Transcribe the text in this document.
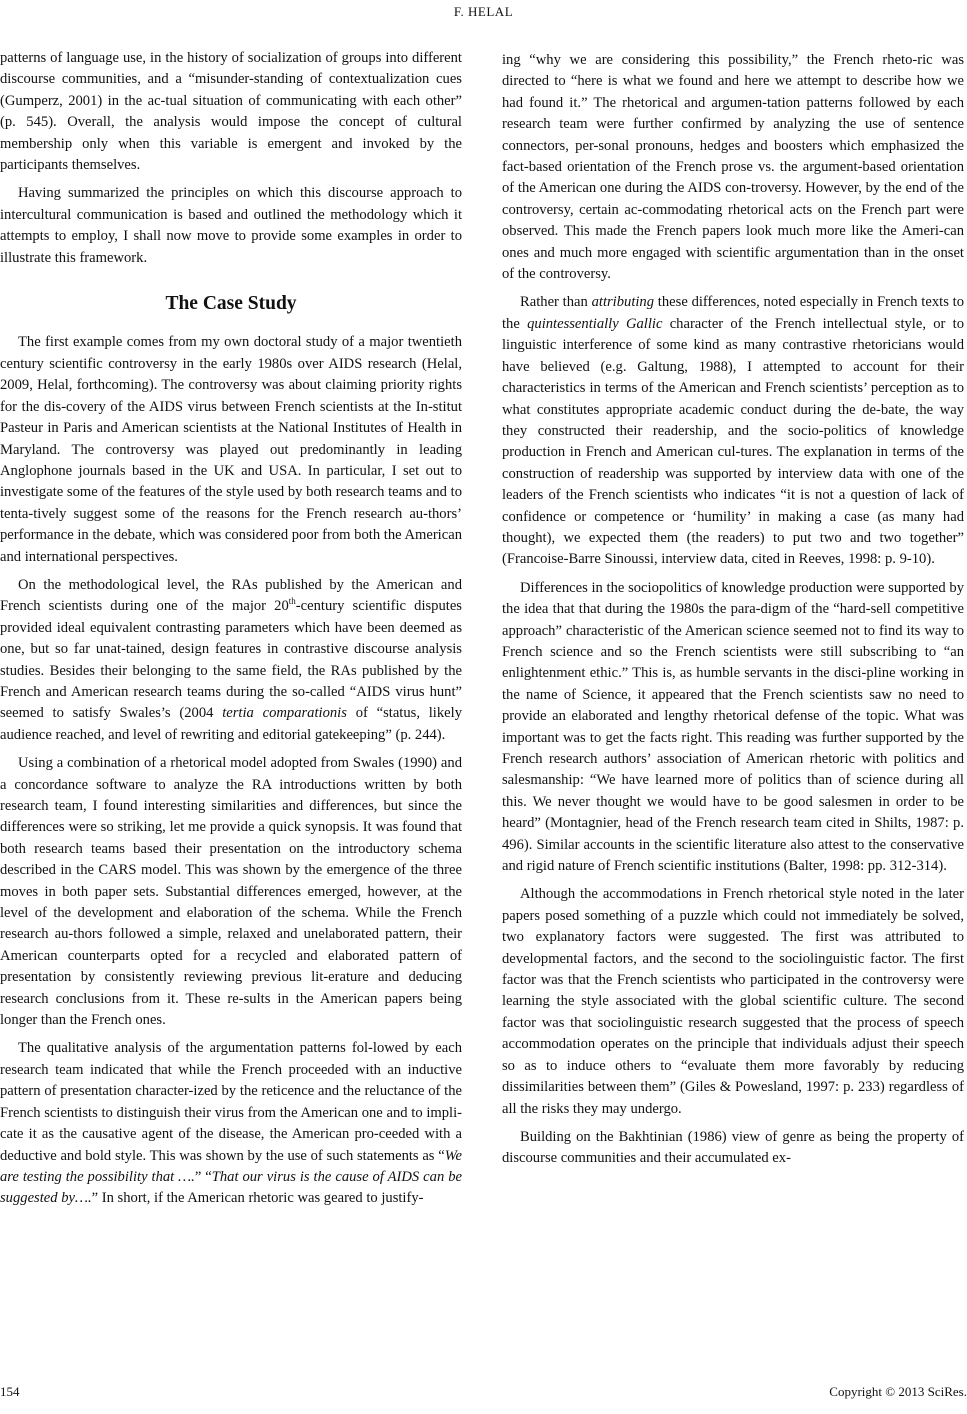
F. HELAL

patterns of language use, in the history of socialization of groups into different discourse communities, and a “misunder-standing of contextualization cues (Gumperz, 2001) in the ac-tual situation of communicating with each other” (p. 545). Overall, the analysis would impose the concept of cultural membership only when this variable is emergent and invoked by the participants themselves.

Having summarized the principles on which this discourse approach to intercultural communication is based and outlined the methodology which it attempts to employ, I shall now move to provide some examples in order to illustrate this framework.

The Case Study

The first example comes from my own doctoral study of a major twentieth century scientific controversy in the early 1980s over AIDS research (Helal, 2009, Helal, forthcoming). The controversy was about claiming priority rights for the dis-covery of the AIDS virus between French scientists at the In-stitut Pasteur in Paris and American scientists at the National Institutes of Health in Maryland. The controversy was played out predominantly in leading Anglophone journals based in the UK and USA. In particular, I set out to investigate some of the features of the style used by both research teams and to tenta-tively suggest some of the reasons for the French research au-thors’ performance in the debate, which was considered poor from both the American and international perspectives.

On the methodological level, the RAs published by the American and French scientists during one of the major 20th-century scientific disputes provided ideal equivalent contrasting parameters which have been deemed as one, but so far unat-tained, design features in contrastive discourse analysis studies. Besides their belonging to the same field, the RAs published by the French and American research teams during the so-called “AIDS virus hunt” seemed to satisfy Swales’s (2004 tertia comparationis of “status, likely audience reached, and level of rewriting and editorial gatekeeping” (p. 244).

Using a combination of a rhetorical model adopted from Swales (1990) and a concordance software to analyze the RA introductions written by both research team, I found interesting similarities and differences, but since the differences were so striking, let me provide a quick synopsis. It was found that both research teams based their presentation on the introductory schema described in the CARS model. This was shown by the emergence of the three moves in both paper sets. Substantial differences emerged, however, at the level of the development and elaboration of the schema. While the French research au-thors followed a simple, relaxed and unelaborated pattern, their American counterparts opted for a recycled and elaborated pattern of presentation by consistently reviewing previous lit-erature and deducing research conclusions from it. These re-sults in the American papers being longer than the French ones.

The qualitative analysis of the argumentation patterns fol-lowed by each research team indicated that while the French proceeded with an inductive pattern of presentation character-ized by the reticence and the reluctance of the French scientists to distinguish their virus from the American one and to impli-cate it as the causative agent of the disease, the American pro-ceeded with a deductive and bold style. This was shown by the use of such statements as “We are testing the possibility that ….” “That our virus is the cause of AIDS can be suggested by….” In short, if the American rhetoric was geared to justify-

ing “why we are considering this possibility,” the French rheto-ric was directed to “here is what we found and here we attempt to describe how we had found it.” The rhetorical and argumen-tation patterns followed by each research team were further confirmed by analyzing the use of sentence connectors, per-sonal pronouns, hedges and boosters which emphasized the fact-based orientation of the French prose vs. the argument-based orientation of the American one during the AIDS con-troversy. However, by the end of the controversy, certain ac-commodating rhetorical acts on the French part were observed. This made the French papers look much more like the Ameri-can ones and much more engaged with scientific argumentation than in the onset of the controversy.

Rather than attributing these differences, noted especially in French texts to the quintessentially Gallic character of the French intellectual style, or to linguistic interference of some kind as many contrastive rhetoricians would have believed (e.g. Galtung, 1988), I attempted to account for their characteristics in terms of the American and French scientists’ perception as to what constitutes appropriate academic conduct during the de-bate, the way they constructed their readership, and the socio-politics of knowledge production in French and American cul-tures. The explanation in terms of the construction of readership was supported by interview data with one of the leaders of the French scientists who indicates “it is not a question of lack of confidence or competence or ‘humility’ in making a case (as many had thought), we expected them (the readers) to put two and two together” (Francoise-Barre Sinoussi, interview data, cited in Reeves, 1998: p. 9-10).

Differences in the sociopolitics of knowledge production were supported by the idea that that during the 1980s the para-digm of the “hard-sell competitive approach” characteristic of the American science seemed not to find its way to French science and so the French scientists were still subscribing to “an enlightenment ethic.” This is, as humble servants in the disci-pline working in the name of Science, it appeared that the French scientists saw no need to provide an elaborated and lengthy rhetorical defense of the topic. What was important was to get the facts right. This reading was further supported by the French research authors’ association of American rhetoric with politics and salesmanship: “We have learned more of politics than of science during all this. We never thought we would have to be good salesmen in order to be heard” (Montagnier, head of the French research team cited in Shilts, 1987: p. 496). Similar accounts in the scientific literature also attest to the conservative and rigid nature of French scientific institutions (Balter, 1998: pp. 312-314).

Although the accommodations in French rhetorical style noted in the later papers posed something of a puzzle which could not immediately be solved, two explanatory factors were suggested. The first was attributed to developmental factors, and the second to the sociolinguistic factor. The first factor was that the French scientists who participated in the controversy were learning the style associated with the global scientific culture. The second factor was that sociolinguistic research suggested that the process of speech accommodation operates on the principle that individuals adjust their speech so as to induce others to “evaluate them more favorably by reducing dissimilarities between them” (Giles & Powesland, 1997: p. 233) regardless of all the risks they may undergo.

Building on the Bakhtinian (1986) view of genre as being the property of discourse communities and their accumulated ex-

154	Copyright © 2013 SciRes.
